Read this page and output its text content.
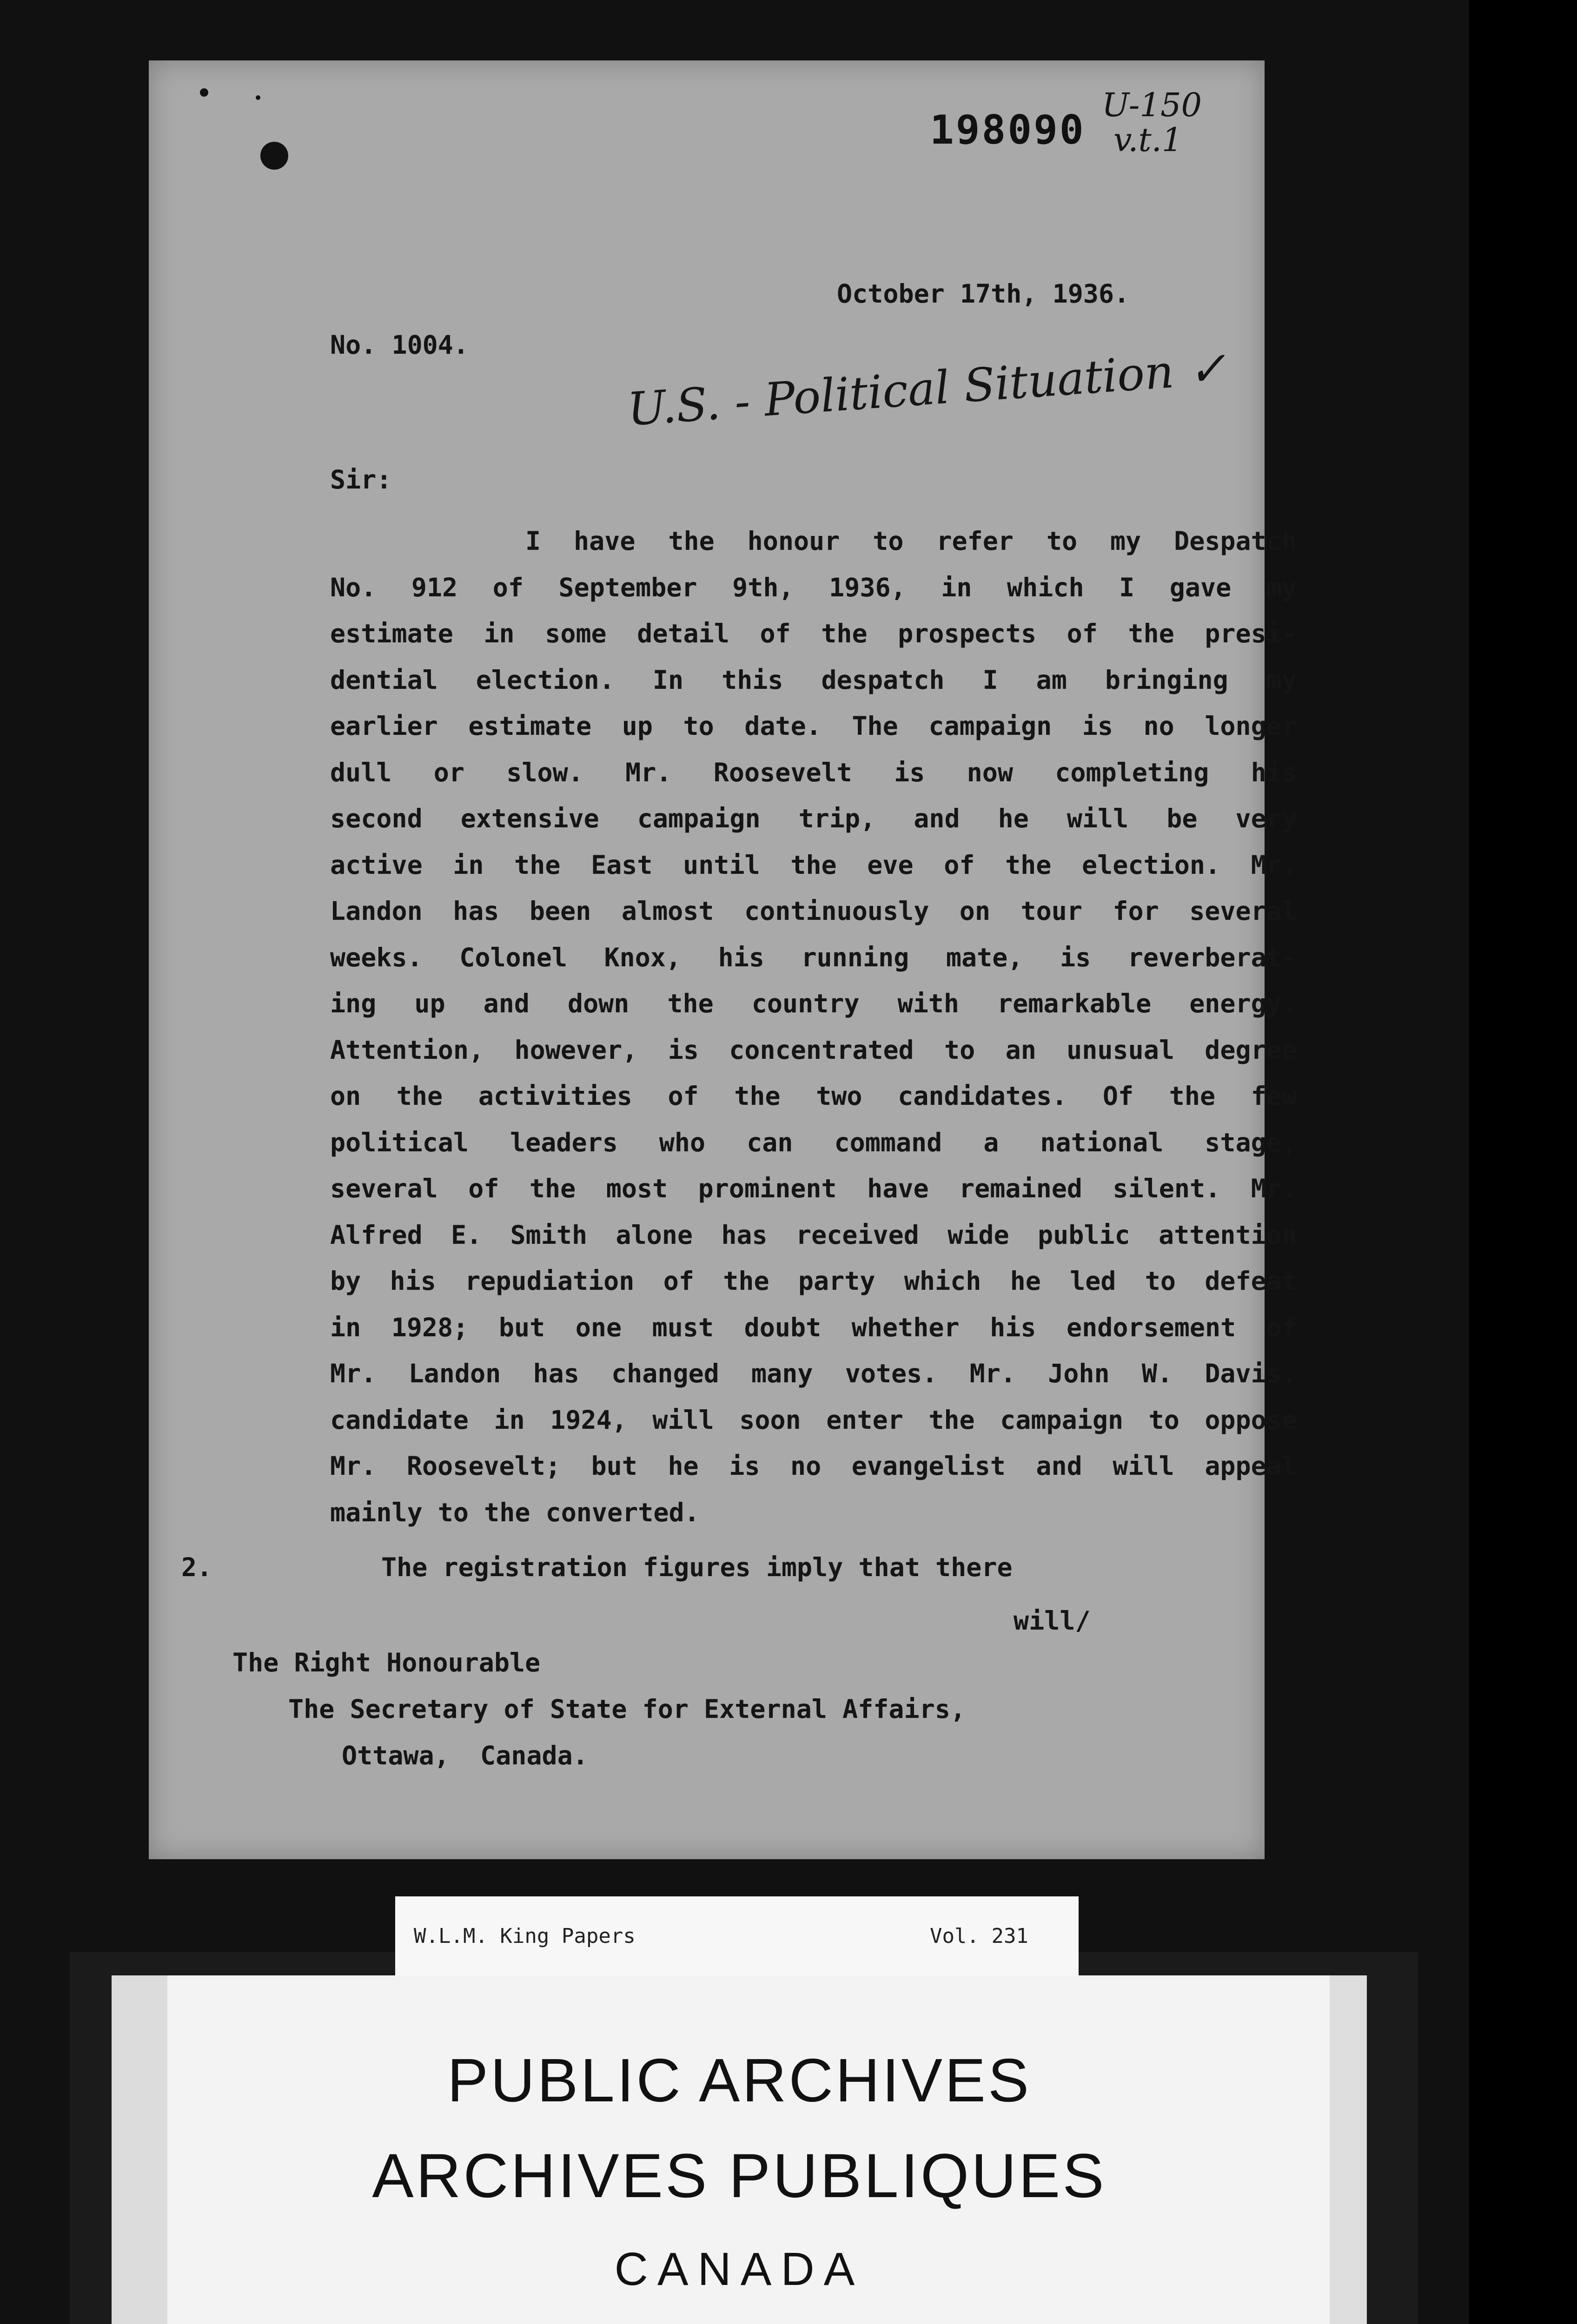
198090
U-150
v.t.1
October 17th, 1936.
No. 1004.	U.S. - Political Situation ✓
Sir:
I have the honour to refer to my Despatch
No. 912 of September 9th, 1936, in which I gave my
estimate in some detail of the prospects of the presi-
dential election. In this despatch I am bringing my
earlier estimate up to date. The campaign is no longer
dull or slow. Mr. Roosevelt is now completing his
second extensive campaign trip, and he will be very
active in the East until the eve of the election. Mr.
Landon has been almost continuously on tour for several
weeks. Colonel Knox, his running mate, is reverberat-
ing up and down the country with remarkable energy.
Attention, however, is concentrated to an unusual degree
on the activities of the two candidates. Of the few
political leaders who can command a national stage,
several of the most prominent have remained silent. Mr.
Alfred E. Smith alone has received wide public attention
by his repudiation of the party which he led to defeat
in 1928; but one must doubt whether his endorsement of
Mr. Landon has changed many votes. Mr. John W. Davis,
candidate in 1924, will soon enter the campaign to oppose
Mr. Roosevelt; but he is no evangelist and will appeal
mainly to the converted.
2.	The registration figures imply that there
will/
The Right Honourable
The Secretary of State for External Affairs,
Ottawa,  Canada.
W.L.M. King Papers	Vol. 231
PUBLIC ARCHIVES
ARCHIVES PUBLIQUES
CANADA
